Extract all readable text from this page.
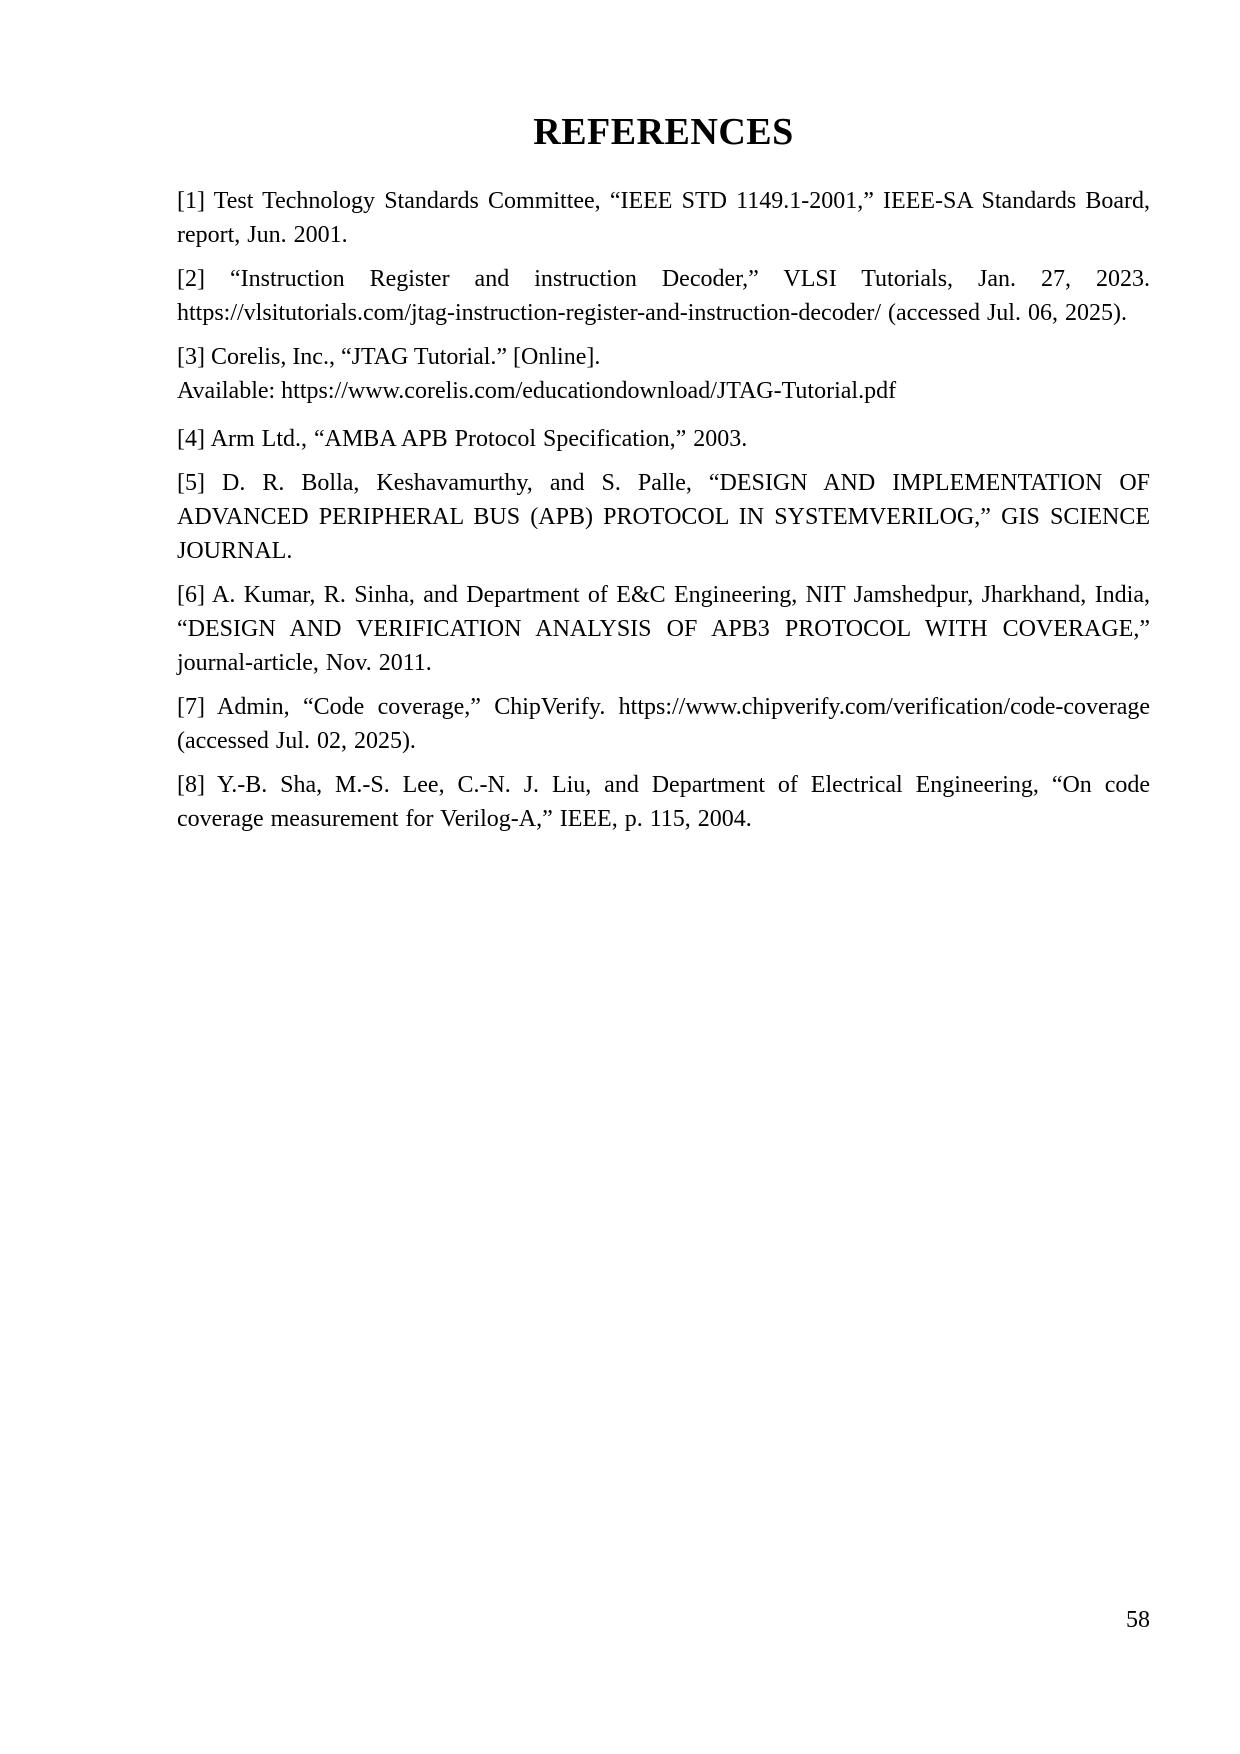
REFERENCES

[1] Test Technology Standards Committee, “IEEE STD 1149.1-2001,” IEEE-SA Standards Board, report, Jun. 2001.

[2] “Instruction Register and instruction Decoder,” VLSI Tutorials, Jan. 27, 2023. https://vlsitutorials.com/jtag-instruction-register-and-instruction-decoder/ (accessed Jul. 06, 2025).

[3] Corelis, Inc., “JTAG Tutorial.” [Online].
Available: https://www.corelis.com/educationdownload/JTAG-Tutorial.pdf

[4] Arm Ltd., “AMBA APB Protocol Specification,” 2003.

[5] D. R. Bolla, Keshavamurthy, and S. Palle, “DESIGN AND IMPLEMENTATION OF ADVANCED PERIPHERAL BUS (APB) PROTOCOL IN SYSTEMVERILOG,” GIS SCIENCE JOURNAL.

[6] A. Kumar, R. Sinha, and Department of E&C Engineering, NIT Jamshedpur, Jharkhand, India, “DESIGN AND VERIFICATION ANALYSIS OF APB3 PROTOCOL WITH COVERAGE,” journal-article, Nov. 2011.

[7] Admin, “Code coverage,” ChipVerify. https://www.chipverify.com/verification/code-coverage (accessed Jul. 02, 2025).

[8] Y.-B. Sha, M.-S. Lee, C.-N. J. Liu, and Department of Electrical Engineering, “On code coverage measurement for Verilog-A,” IEEE, p. 115, 2004.

58
